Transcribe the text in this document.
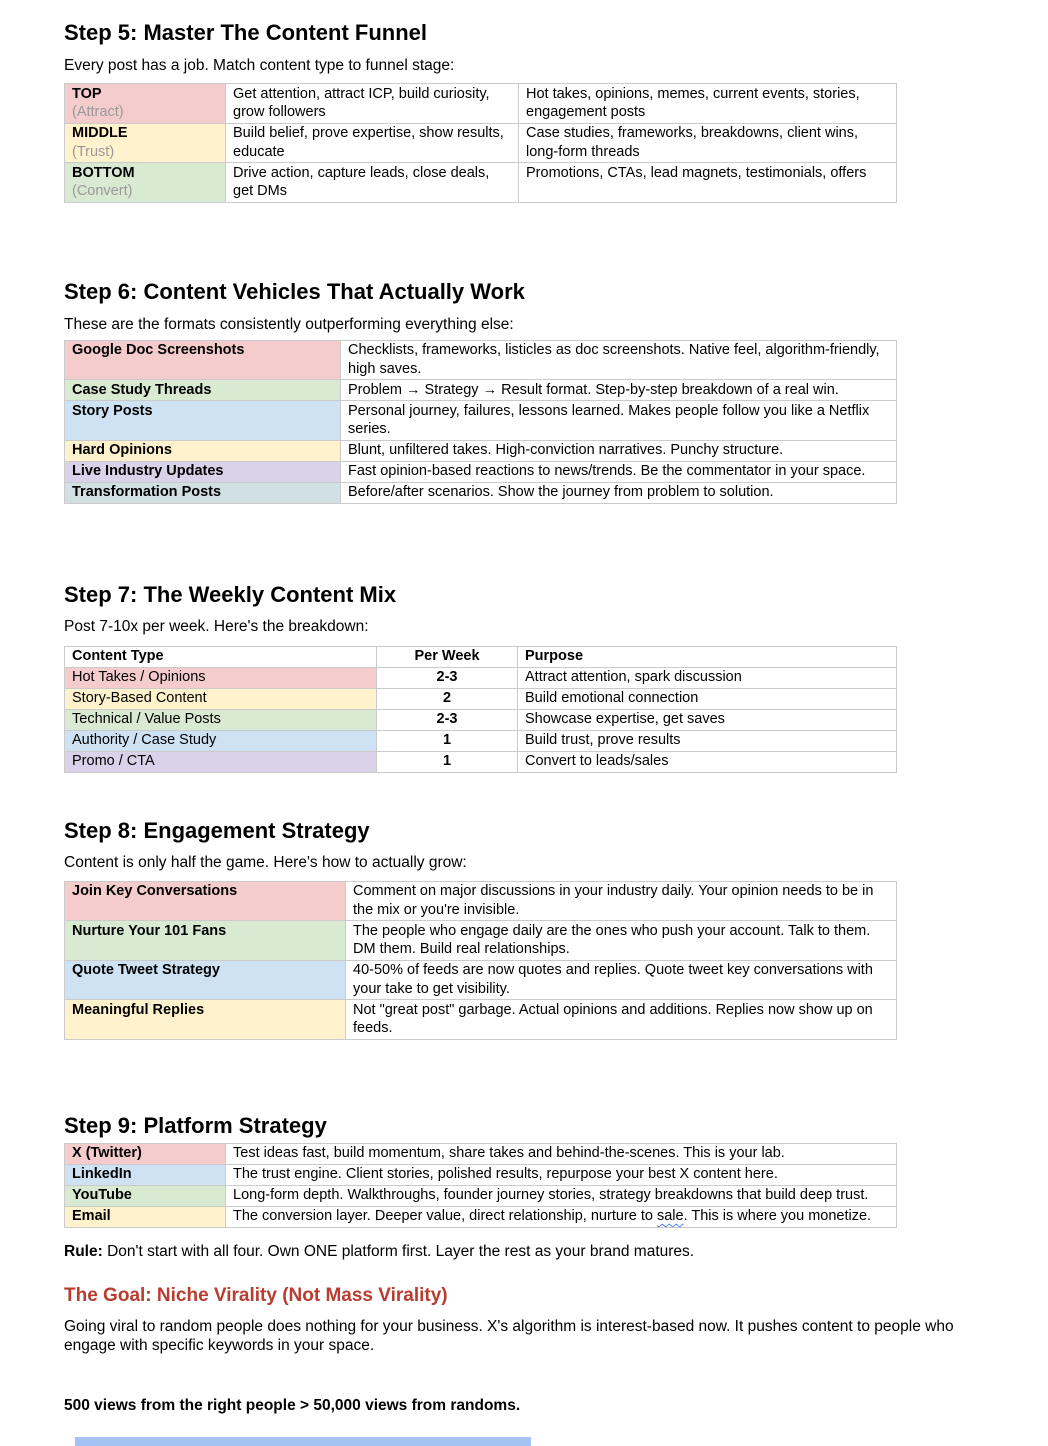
Step 5: Master The Content Funnel

Every post has a job. Match content type to funnel stage:

TOP
(Attract)	Get attention, attract ICP, build curiosity, grow followers	Hot takes, opinions, memes, current events, stories, engagement posts

MIDDLE
(Trust)	Build belief, prove expertise, show results, educate	Case studies, frameworks, breakdowns, client wins, long-form threads

BOTTOM
(Convert)	Drive action, capture leads, close deals, get DMs	Promotions, CTAs, lead magnets, testimonials, offers
Step 6: Content Vehicles That Actually Work

These are the formats consistently outperforming everything else:

Google Doc Screenshots	Checklists, frameworks, listicles as doc screenshots. Native feel, algorithm-friendly, high saves.
Case Study Threads	Problem → Strategy → Result format. Step-by-step breakdown of a real win.
Story Posts	Personal journey, failures, lessons learned. Makes people follow you like a Netflix series.
Hard Opinions	Blunt, unfiltered takes. High-conviction narratives. Punchy structure.
Live Industry Updates	Fast opinion-based reactions to news/trends. Be the commentator in your space.
Transformation Posts	Before/after scenarios. Show the journey from problem to solution.
Step 7: The Weekly Content Mix

Post 7-10x per week. Here's the breakdown:

Content Type	Per Week	Purpose
Hot Takes / Opinions	2-3	Attract attention, spark discussion
Story-Based Content	2	Build emotional connection
Technical / Value Posts	2-3	Showcase expertise, get saves
Authority / Case Study	1	Build trust, prove results
Promo / CTA	1	Convert to leads/sales
Step 8: Engagement Strategy

Content is only half the game. Here's how to actually grow:

Join Key Conversations	Comment on major discussions in your industry daily. Your opinion needs to be in the mix or you're invisible.
Nurture Your 101 Fans	The people who engage daily are the ones who push your account. Talk to them. DM them. Build real relationships.
Quote Tweet Strategy	40-50% of feeds are now quotes and replies. Quote tweet key conversations with your take to get visibility.
Meaningful Replies	Not "great post" garbage. Actual opinions and additions. Replies now show up on feeds.
Step 9: Platform Strategy
X (Twitter)	Test ideas fast, build momentum, share takes and behind-the-scenes. This is your lab.
LinkedIn	The trust engine. Client stories, polished results, repurpose your best X content here.
YouTube	Long-form depth. Walkthroughs, founder journey stories, strategy breakdowns that build deep trust.
Email	The conversion layer. Deeper value, direct relationship, nurture to sale. This is where you monetize.

Rule: Don't start with all four. Own ONE platform first. Layer the rest as your brand matures.

The Goal: Niche Virality (Not Mass Virality)

Going viral to random people does nothing for your business. X's algorithm is interest-based now. It pushes content to people who engage with specific keywords in your space.

500 views from the right people > 50,000 views from randoms.
